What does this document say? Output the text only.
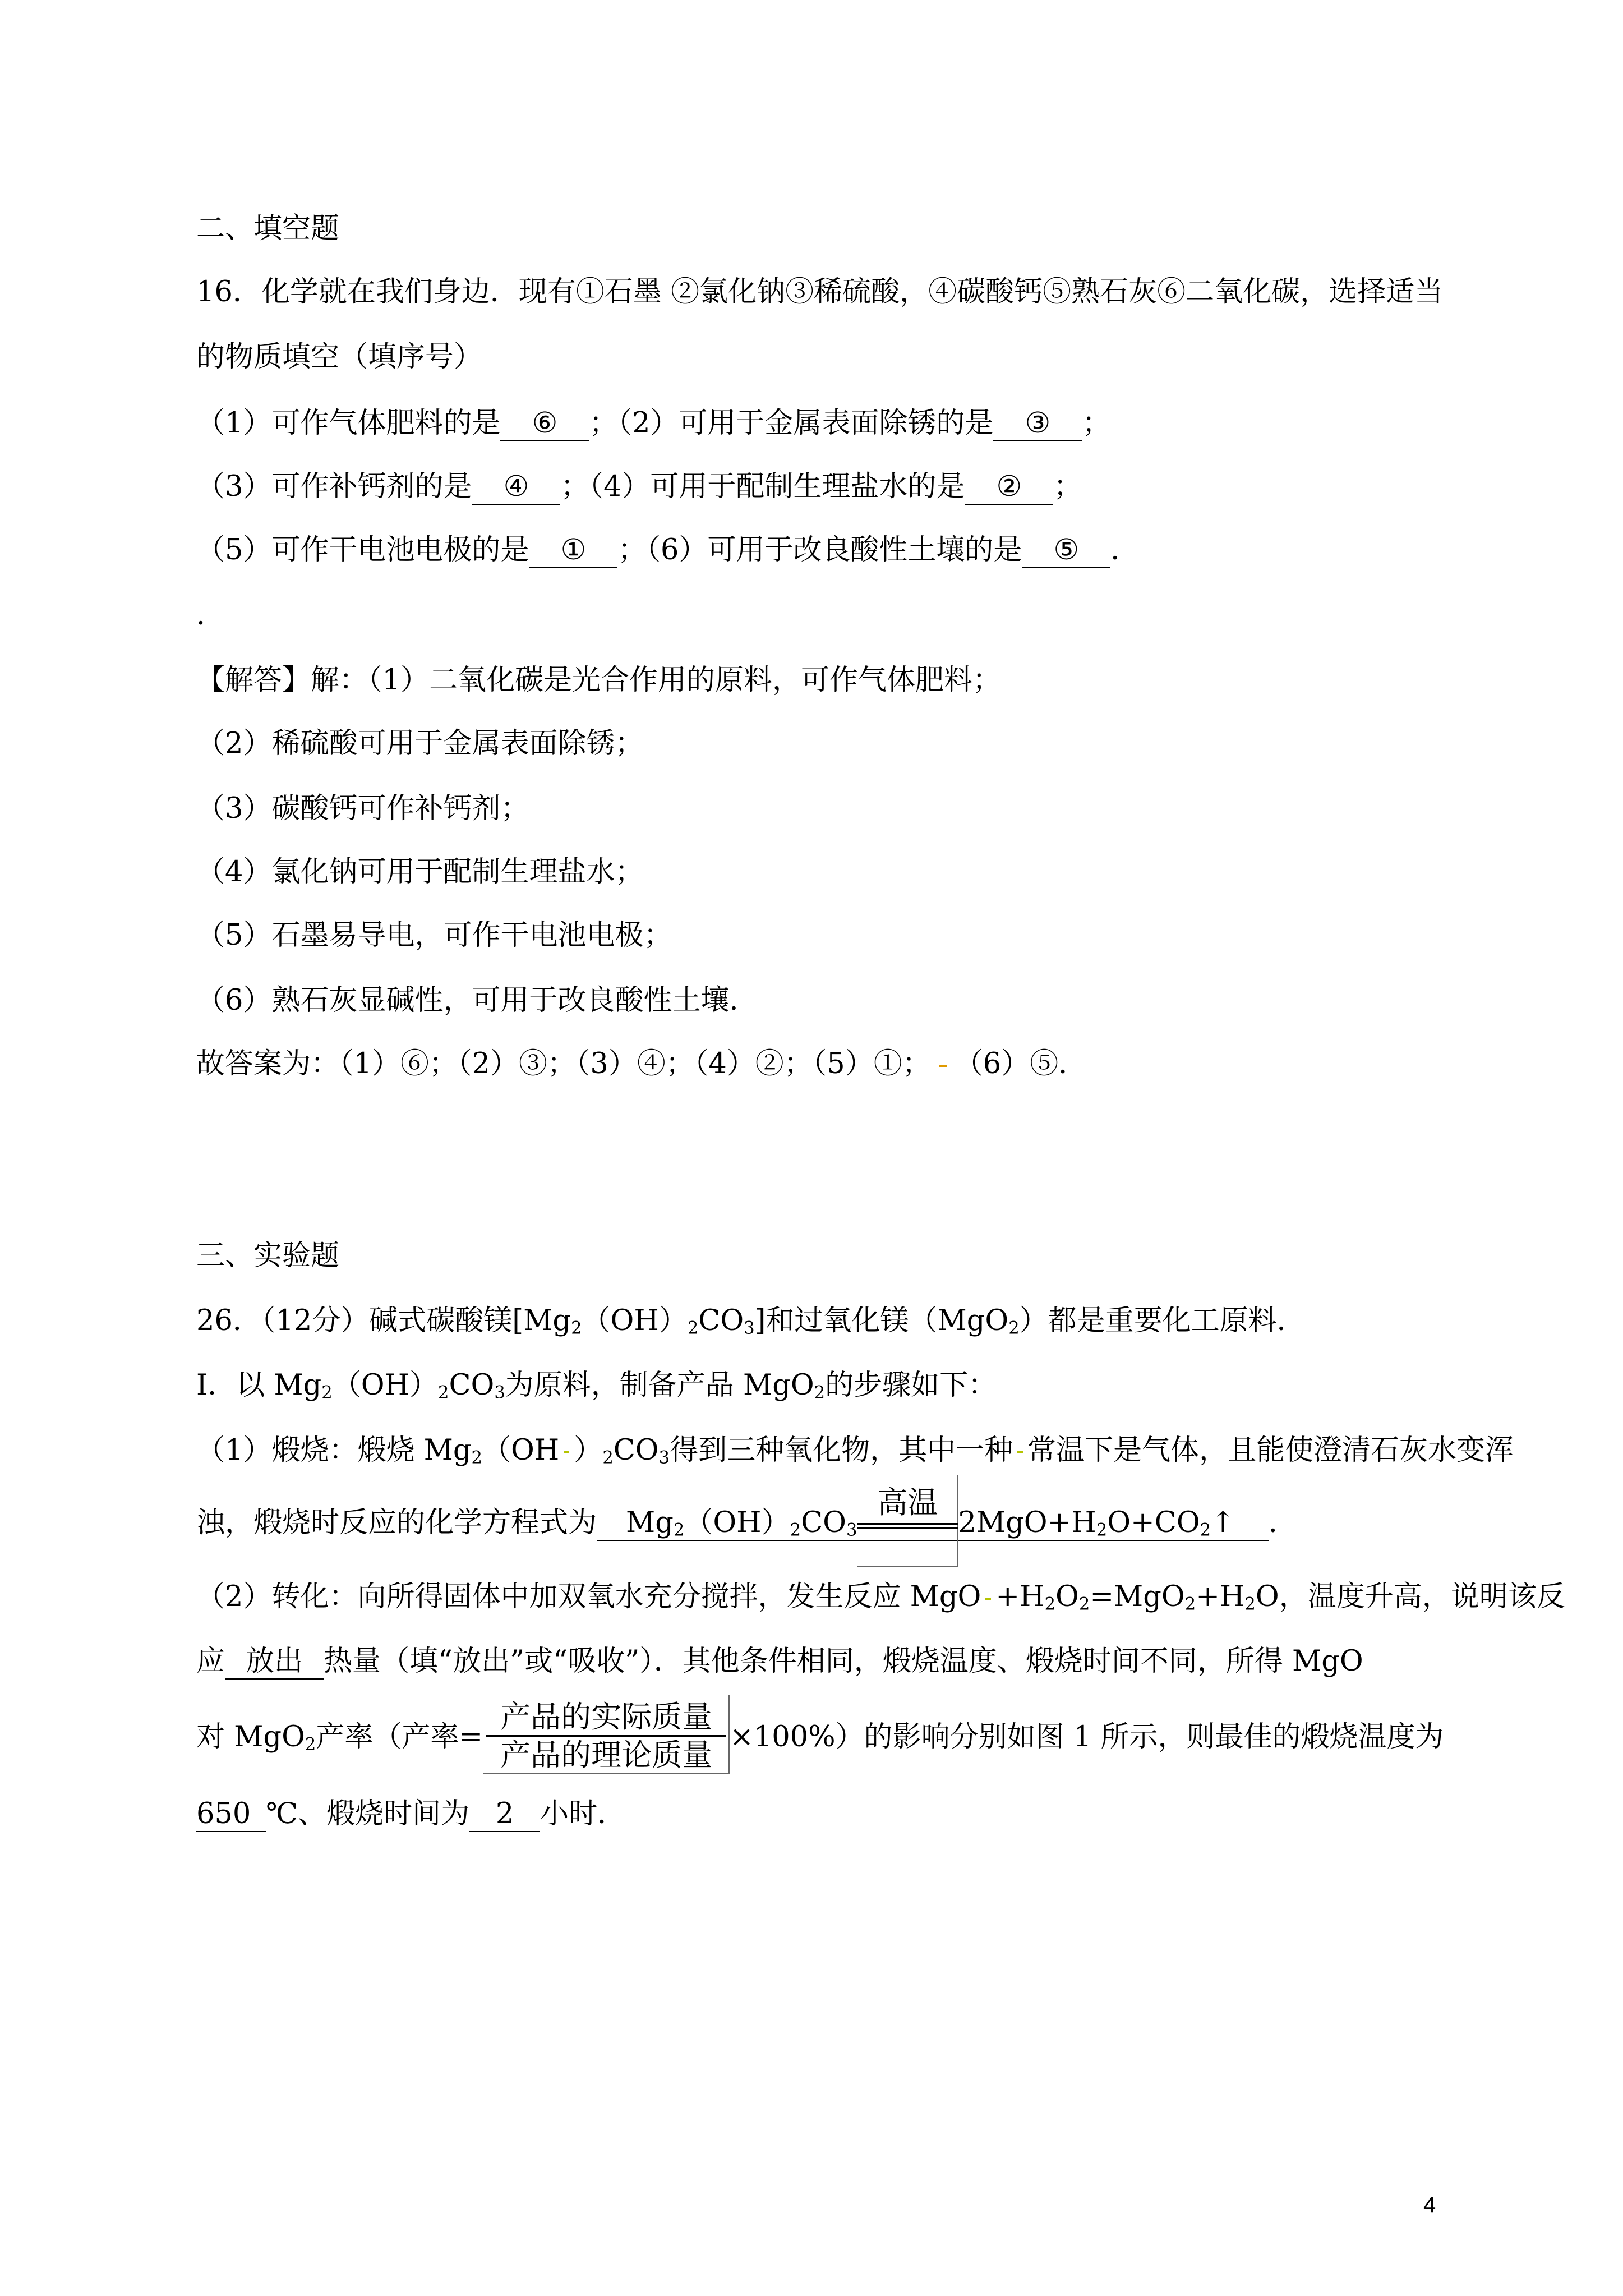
二、填空题
16．化学就在我们身边．现有①石墨 ②氯化钠③稀硫酸，④碳酸钙⑤熟石灰⑥二氧化碳，选择适当
的物质填空（填序号）
（1）可作气体肥料的是 ⑥ ；（2）可用于金属表面除锈的是 ③ ；
（3）可作补钙剂的是 ④ ；（4）可用于配制生理盐水的是 ② ；
（5）可作干电池电极的是 ① ；（6）可用于改良酸性土壤的是 ⑤ ．
．
【解答】解：（1）二氧化碳是光合作用的原料，可作气体肥料；
（2）稀硫酸可用于金属表面除锈；
（3）碳酸钙可作补钙剂；
（4）氯化钠可用于配制生理盐水；
（5）石墨易导电，可作干电池电极；
（6）熟石灰显碱性，可用于改良酸性土壤．
故答案为：（1）⑥；（2）③；（3）④；（4）②；（5）①； （6）⑤．
三、实验题
26．（12分）碱式碳酸镁$[Mg_2(OH)_2CO_3]$和过氧化镁（MgO$_2$）都是重要化工原料．
Ⅰ．以 $Mg_2(OH)_2CO_3$为原料，制备产品 MgO$_2$的步骤如下：
（1）煅烧：煅烧 $Mg_2(OH$ ）$_2CO_3$得到三种氧化物，其中一种 常温下是气体，且能使澄清石灰水变浑
浊，煅烧时反应的化学方程式为 $Mg_2(OH)_2CO_3$
高温
$2MgO+H_2O+CO_2↑$ ．
（2）转化：向所得固体中加双氧水充分搅拌，发生反应 MgO $+H_2O_2=MgO_2+H_2O$，温度升高，说明该反
应 放出 热量（填“放出”或“吸收”）．其他条件相同，煅烧温度、煅烧时间不同，所得 MgO
对 MgO$_2$产率（产率=
$\frac{\text{产品的实际质量}}{\text{产品的理论质量}}$
×100%）的影响分别如图 1 所示，则最佳的煅烧温度为
650 ℃、煅烧时间为 2 小时．
4
